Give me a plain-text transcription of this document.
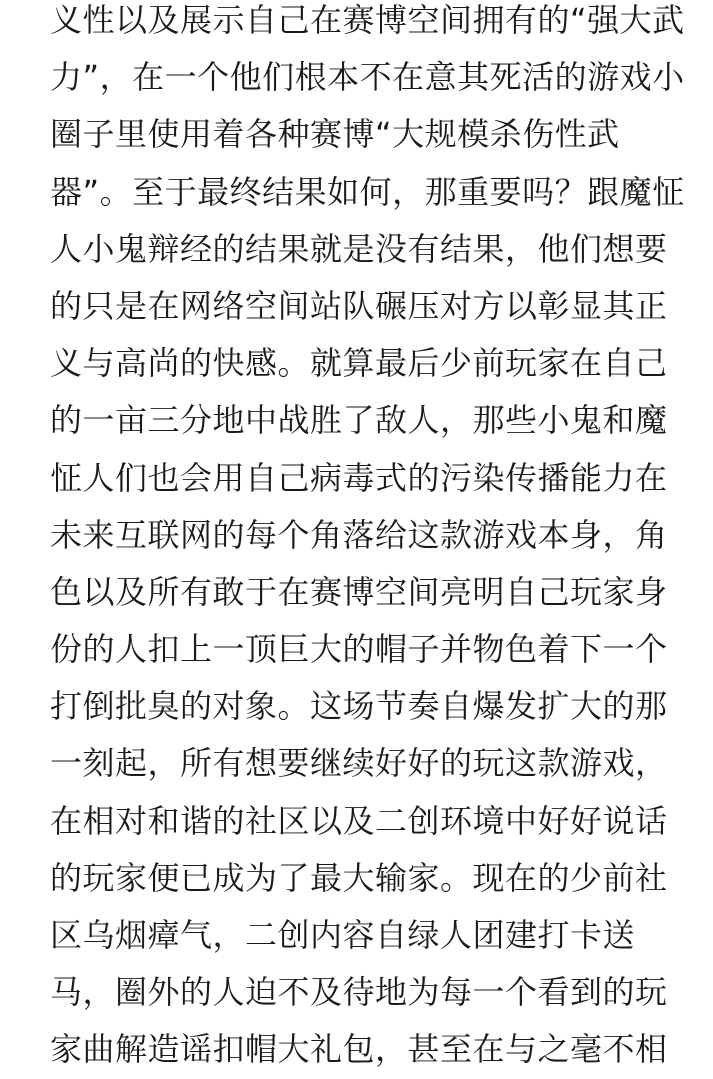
义性以及展示自己在赛博空间拥有的“强大武
力”，在一个他们根本不在意其死活的游戏小
圈子里使用着各种赛博“大规模杀伤性武
器”。至于最终结果如何，那重要吗？跟魔怔
人小鬼辩经的结果就是没有结果，他们想要
的只是在网络空间站队碾压对方以彰显其正
义与高尚的快感。就算最后少前玩家在自己
的一亩三分地中战胜了敌人，那些小鬼和魔
怔人们也会用自己病毒式的污染传播能力在
未来互联网的每个角落给这款游戏本身，角
色以及所有敢于在赛博空间亮明自己玩家身
份的人扣上一顶巨大的帽子并物色着下一个
打倒批臭的对象。这场节奏自爆发扩大的那
一刻起，所有想要继续好好的玩这款游戏，
在相对和谐的社区以及二创环境中好好说话
的玩家便已成为了最大输家。现在的少前社
区乌烟瘴气，二创内容自绿人团建打卡送
马，圈外的人迫不及待地为每一个看到的玩
家曲解造谣扣帽大礼包，甚至在与之毫不相
